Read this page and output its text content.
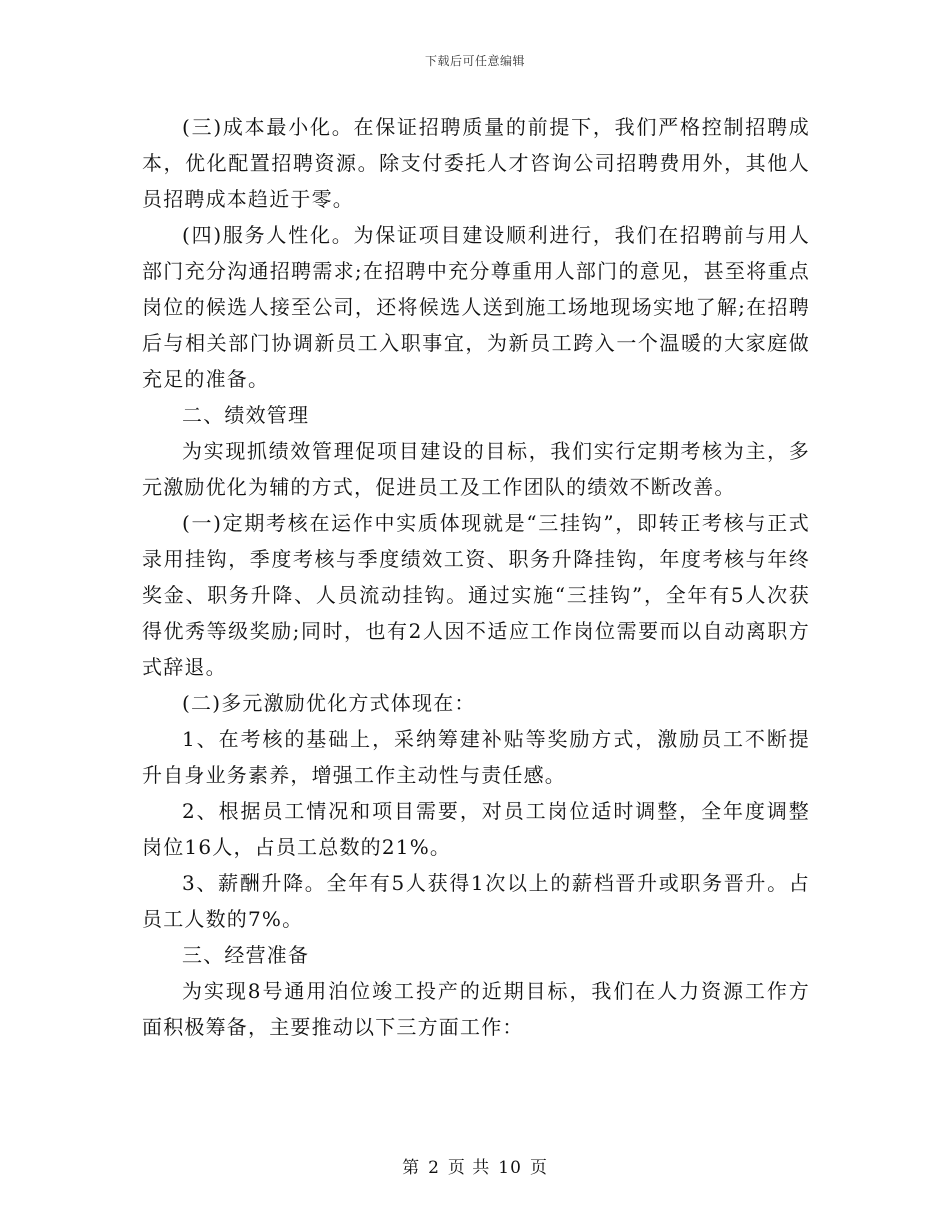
下载后可任意编辑

(三)成本最小化。在保证招聘质量的前提下，我们严格控制招聘成本，优化配置招聘资源。除支付委托人才咨询公司招聘费用外，其他人员招聘成本趋近于零。

(四)服务人性化。为保证项目建设顺利进行，我们在招聘前与用人部门充分沟通招聘需求;在招聘中充分尊重用人部门的意见，甚至将重点岗位的候选人接至公司，还将候选人送到施工场地现场实地了解;在招聘后与相关部门协调新员工入职事宜，为新员工跨入一个温暖的大家庭做充足的准备。

二、绩效管理

为实现抓绩效管理促项目建设的目标，我们实行定期考核为主，多元激励优化为辅的方式，促进员工及工作团队的绩效不断改善。

(一)定期考核在运作中实质体现就是“三挂钩”，即转正考核与正式录用挂钩，季度考核与季度绩效工资、职务升降挂钩，年度考核与年终奖金、职务升降、人员流动挂钩。通过实施“三挂钩”，全年有5人次获得优秀等级奖励;同时，也有2人因不适应工作岗位需要而以自动离职方式辞退。

(二)多元激励优化方式体现在：

1、在考核的基础上，采纳筹建补贴等奖励方式，激励员工不断提升自身业务素养，增强工作主动性与责任感。

2、根据员工情况和项目需要，对员工岗位适时调整，全年度调整岗位16人，占员工总数的21%。

3、薪酬升降。全年有5人获得1次以上的薪档晋升或职务晋升。占员工人数的7%。

三、经营准备

为实现8号通用泊位竣工投产的近期目标，我们在人力资源工作方面积极筹备，主要推动以下三方面工作：

第 2 页 共 10 页
